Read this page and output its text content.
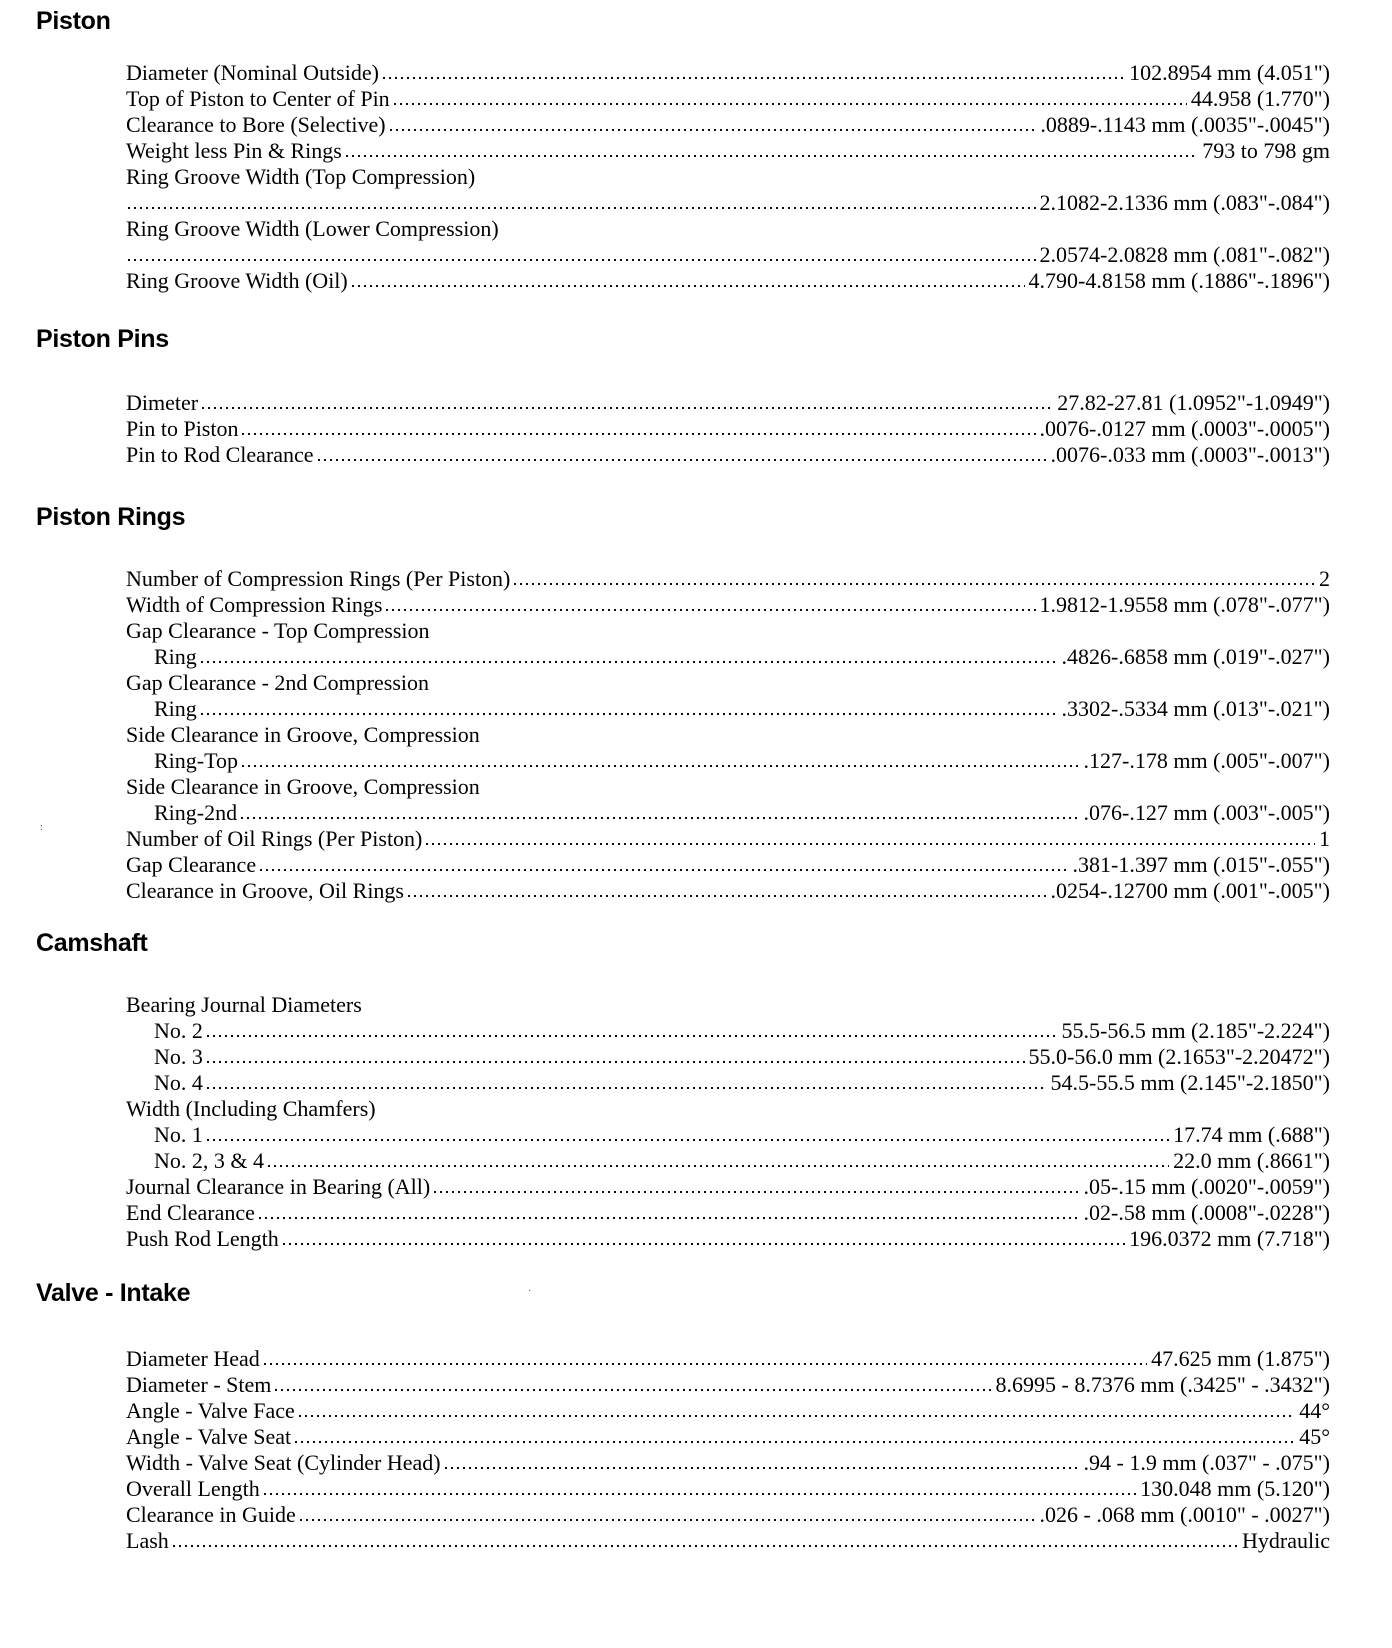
Piston
Diameter (Nominal Outside)	102.8954 mm (4.051")
Top of Piston to Center of Pin	44.958 (1.770")
Clearance to Bore (Selective)	.0889-.1143 mm (.0035"-.0045")
Weight less Pin & Rings	793 to 798 gm
Ring Groove Width (Top Compression)
2.1082-2.1336 mm (.083"-.084")
Ring Groove Width (Lower Compression)
2.0574-2.0828 mm (.081"-.082")
Ring Groove Width (Oil)	4.790-4.8158 mm (.1886"-.1896")
Piston Pins
Dimeter	27.82-27.81 (1.0952"-1.0949")
Pin to Piston	.0076-.0127 mm (.0003"-.0005")
Pin to Rod Clearance	.0076-.033 mm (.0003"-.0013")
Piston Rings
Number of Compression Rings (Per Piston)	2
Width of Compression Rings	1.9812-1.9558 mm (.078"-.077")
Gap Clearance - Top Compression
Ring	.4826-.6858 mm (.019"-.027")
Gap Clearance - 2nd Compression
Ring	.3302-.5334 mm (.013"-.021")
Side Clearance in Groove, Compression
Ring-Top	.127-.178 mm (.005"-.007")
Side Clearance in Groove, Compression
Ring-2nd	.076-.127 mm (.003"-.005")
Number of Oil Rings (Per Piston)	1
Gap Clearance	.381-1.397 mm (.015"-.055")
Clearance in Groove, Oil Rings	.0254-.12700 mm (.001"-.005")
:
Camshaft
Bearing Journal Diameters
No. 2	55.5-56.5 mm (2.185"-2.224")
No. 3	55.0-56.0 mm (2.1653"-2.20472")
No. 4	54.5-55.5 mm (2.145"-2.1850")
Width (Including Chamfers)
No. 1	17.74 mm (.688")
No. 2, 3 & 4	22.0 mm (.8661")
Journal Clearance in Bearing (All)	.05-.15 mm (.0020"-.0059")
End Clearance	.02-.58 mm (.0008"-.0228")
Push Rod Length	196.0372 mm (7.718")
Valve - Intake	·
Diameter Head	47.625 mm (1.875")
Diameter - Stem	8.6995 - 8.7376 mm (.3425" - .3432")
Angle - Valve Face	44°
Angle - Valve Seat	45°
Width - Valve Seat (Cylinder Head)	.94 - 1.9 mm (.037" - .075")
Overall Length	130.048 mm (5.120")
Clearance in Guide	.026 - .068 mm (.0010" - .0027")
Lash	Hydraulic
